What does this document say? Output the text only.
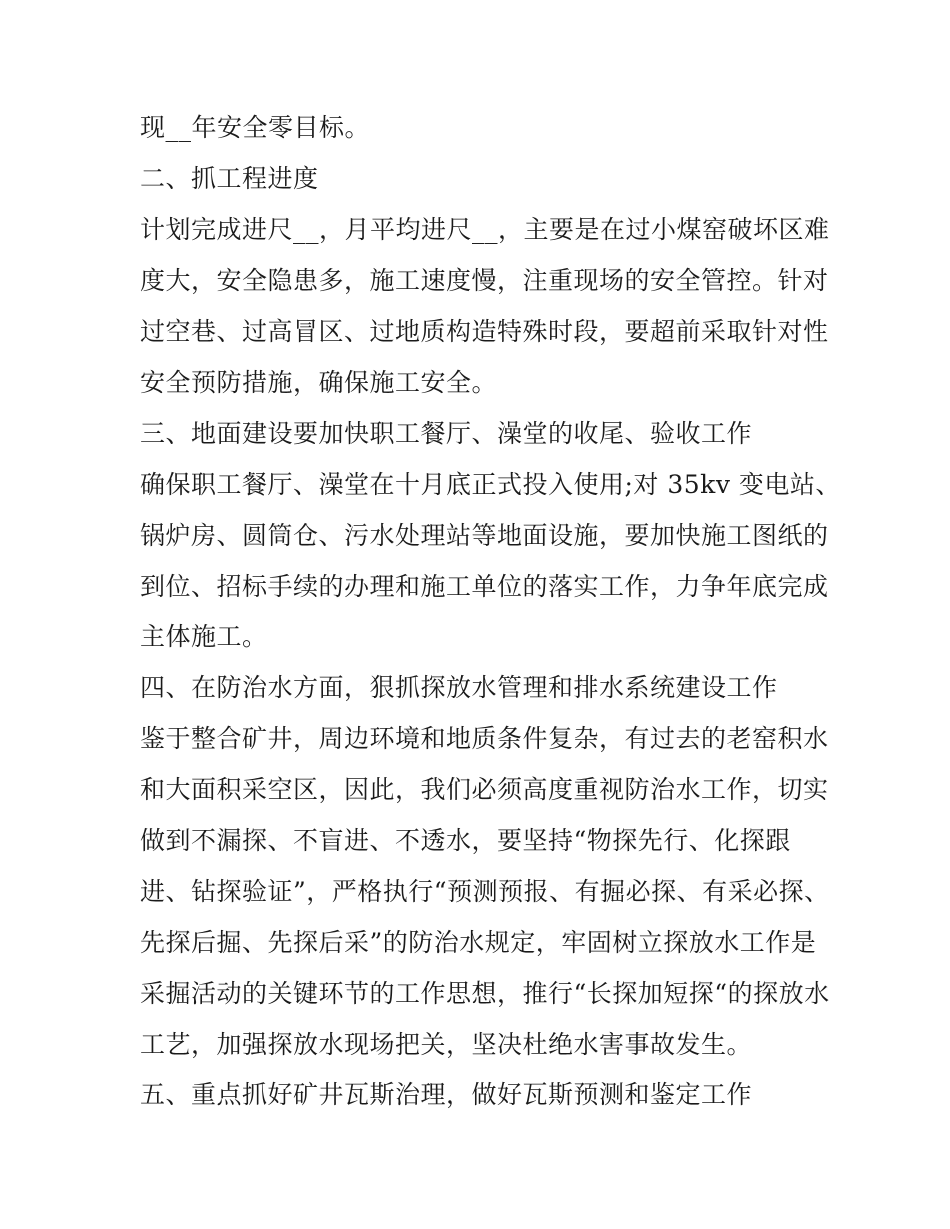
现__年安全零目标。
二、抓工程进度
计划完成进尺__，月平均进尺__，主要是在过小煤窑破坏区难
度大，安全隐患多，施工速度慢，注重现场的安全管控。针对
过空巷、过高冒区、过地质构造特殊时段，要超前采取针对性
安全预防措施，确保施工安全。
三、地面建设要加快职工餐厅、澡堂的收尾、验收工作
确保职工餐厅、澡堂在十月底正式投入使用;对 35kv 变电站、
锅炉房、圆筒仓、污水处理站等地面设施，要加快施工图纸的
到位、招标手续的办理和施工单位的落实工作，力争年底完成
主体施工。
四、在防治水方面，狠抓探放水管理和排水系统建设工作
鉴于整合矿井，周边环境和地质条件复杂，有过去的老窑积水
和大面积采空区，因此，我们必须高度重视防治水工作，切实
做到不漏探、不盲进、不透水，要坚持“物探先行、化探跟
进、钻探验证”，严格执行“预测预报、有掘必探、有采必探、
先探后掘、先探后采”的防治水规定，牢固树立探放水工作是
采掘活动的关键环节的工作思想，推行“长探加短探“的探放水
工艺，加强探放水现场把关，坚决杜绝水害事故发生。
五、重点抓好矿井瓦斯治理，做好瓦斯预测和鉴定工作
